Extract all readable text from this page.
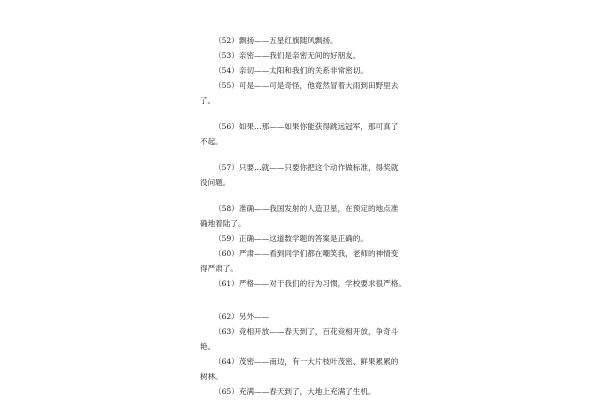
（52）飘扬——五星红旗随风飘扬。
（53）亲密——我们是亲密无间的好朋友。
（54）亲切——太阳和我们的关系非常密切。
（55）可是——可是奇怪，他竟然冒着大雨到田野里去
了。
（56）如果…那——如果你能获得跳远冠军，那可真了
不起。
（57）只要…就——只要你把这个动作做标准，得奖就
没问题。
（58）准确——我国发射的人造卫星，在预定的地点准
确地着陆了。
（59）正确——这道数学题的答案是正确的。
（60）严肃——看到同学们都在嘲笑我，老师的神情变
得严肃了。
（61）严格——对于我们的行为习惯，学校要求很严格。
（62）另外——
（63）竞相开放——春天到了，百花竞相开放，争奇斗
艳。
（64）茂密——南边，有一大片枝叶茂密、鲜果累累的
树林。
（65）充满——春天到了，大地上充满了生机。
